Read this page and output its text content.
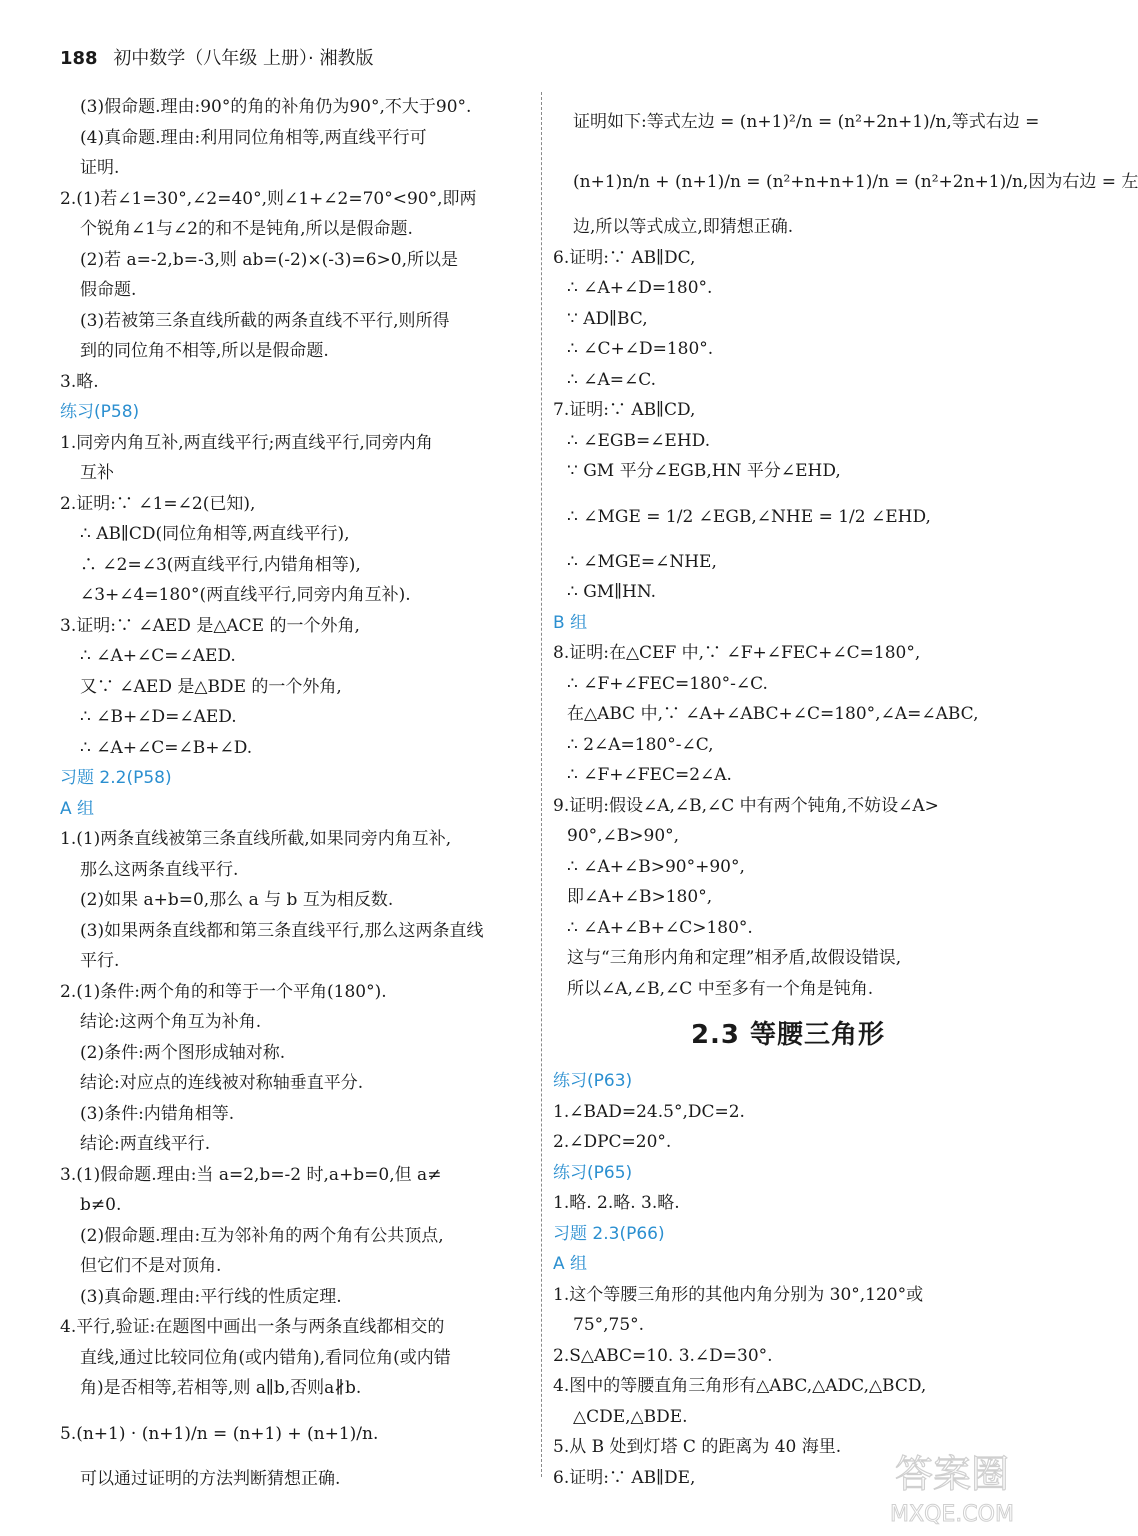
188 初中数学（八年级 上册）· 湘教版
(3)假命题.理由:90°的角的补角仍为90°,不大于90°.
(4)真命题.理由:利用同位角相等,两直线平行可
证明.
2.(1)若∠1=30°,∠2=40°,则∠1+∠2=70°<90°,即两
个锐角∠1与∠2的和不是钝角,所以是假命题.
(2)若 a=-2,b=-3,则 ab=(-2)×(-3)=6>0,所以是
假命题.
(3)若被第三条直线所截的两条直线不平行,则所得
到的同位角不相等,所以是假命题.
3.略.
练习(P58)
1.同旁内角互补,两直线平行;两直线平行,同旁内角
互补
2.证明:∵ ∠1=∠2(已知),
∴ AB∥CD(同位角相等,两直线平行),
∴ ∠2=∠3(两直线平行,内错角相等),
∠3+∠4=180°(两直线平行,同旁内角互补).
3.证明:∵ ∠AED 是△ACE 的一个外角,
∴ ∠A+∠C=∠AED.
又∵ ∠AED 是△BDE 的一个外角,
∴ ∠B+∠D=∠AED.
∴ ∠A+∠C=∠B+∠D.
习题 2.2(P58)
A 组
1.(1)两条直线被第三条直线所截,如果同旁内角互补,
那么这两条直线平行.
(2)如果 a+b=0,那么 a 与 b 互为相反数.
(3)如果两条直线都和第三条直线平行,那么这两条直线
平行.
2.(1)条件:两个角的和等于一个平角(180°).
结论:这两个角互为补角.
(2)条件:两个图形成轴对称.
结论:对应点的连线被对称轴垂直平分.
(3)条件:内错角相等.
结论:两直线平行.
3.(1)假命题.理由:当 a=2,b=-2 时,a+b=0,但 a≠
b≠0.
(2)假命题.理由:互为邻补角的两个角有公共顶点,
但它们不是对顶角.
(3)真命题.理由:平行线的性质定理.
4.平行,验证:在题图中画出一条与两条直线都相交的
直线,通过比较同位角(或内错角),看同位角(或内错
角)是否相等,若相等,则 a∥b,否则a∦b.
5.(n+1) · (n+1)/n = (n+1) + (n+1)/n.
可以通过证明的方法判断猜想正确.
证明如下:等式左边 = (n+1)²/n = (n²+2n+1)/n,等式右边 =
(n+1)n/n + (n+1)/n = (n²+n+n+1)/n = (n²+2n+1)/n,因为右边 = 左
边,所以等式成立,即猜想正确.
6.证明:∵ AB∥DC,
∴ ∠A+∠D=180°.
∵ AD∥BC,
∴ ∠C+∠D=180°.
∴ ∠A=∠C.
7.证明:∵ AB∥CD,
∴ ∠EGB=∠EHD.
∵ GM 平分∠EGB,HN 平分∠EHD,
∴ ∠MGE = 1/2 ∠EGB,∠NHE = 1/2 ∠EHD,
∴ ∠MGE=∠NHE,
∴ GM∥HN.
B 组
8.证明:在△CEF 中,∵ ∠F+∠FEC+∠C=180°,
∴ ∠F+∠FEC=180°-∠C.
在△ABC 中,∵ ∠A+∠ABC+∠C=180°,∠A=∠ABC,
∴ 2∠A=180°-∠C,
∴ ∠F+∠FEC=2∠A.
9.证明:假设∠A,∠B,∠C 中有两个钝角,不妨设∠A>
90°,∠B>90°,
∴ ∠A+∠B>90°+90°,
即∠A+∠B>180°,
∴ ∠A+∠B+∠C>180°.
这与“三角形内角和定理”相矛盾,故假设错误,
所以∠A,∠B,∠C 中至多有一个角是钝角.
2.3 等腰三角形
练习(P63)
1.∠BAD=24.5°,DC=2.
2.∠DPC=20°.
练习(P65)
1.略. 2.略. 3.略.
习题 2.3(P66)
A 组
1.这个等腰三角形的其他内角分别为 30°,120°或
75°,75°.
2.S△ABC=10. 3.∠D=30°.
4.图中的等腰直角三角形有△ABC,△ADC,△BCD,
△CDE,△BDE.
5.从 B 处到灯塔 C 的距离为 40 海里.
6.证明:∵ AB∥DE,	答案圈
MXQE.COM
